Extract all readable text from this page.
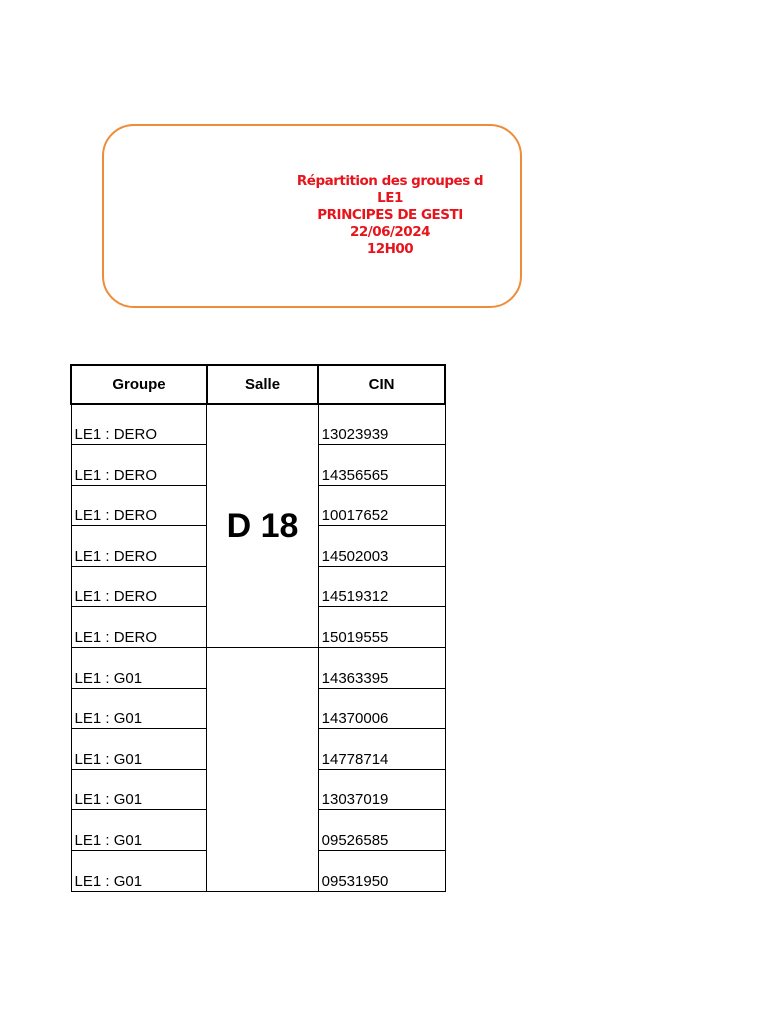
Répartition des groupes d
LE1
PRINCIPES DE GESTI
22/06/2024
12H00
Groupe	Salle	CIN
LE1 : DERO	D 18	13023939
LE1 : DERO		14356565
LE1 : DERO		10017652
LE1 : DERO		14502003
LE1 : DERO		14519312
LE1 : DERO		15019555
LE1 : G01		14363395
LE1 : G01		14370006
LE1 : G01		14778714
LE1 : G01		13037019
LE1 : G01		09526585
LE1 : G01		09531950
